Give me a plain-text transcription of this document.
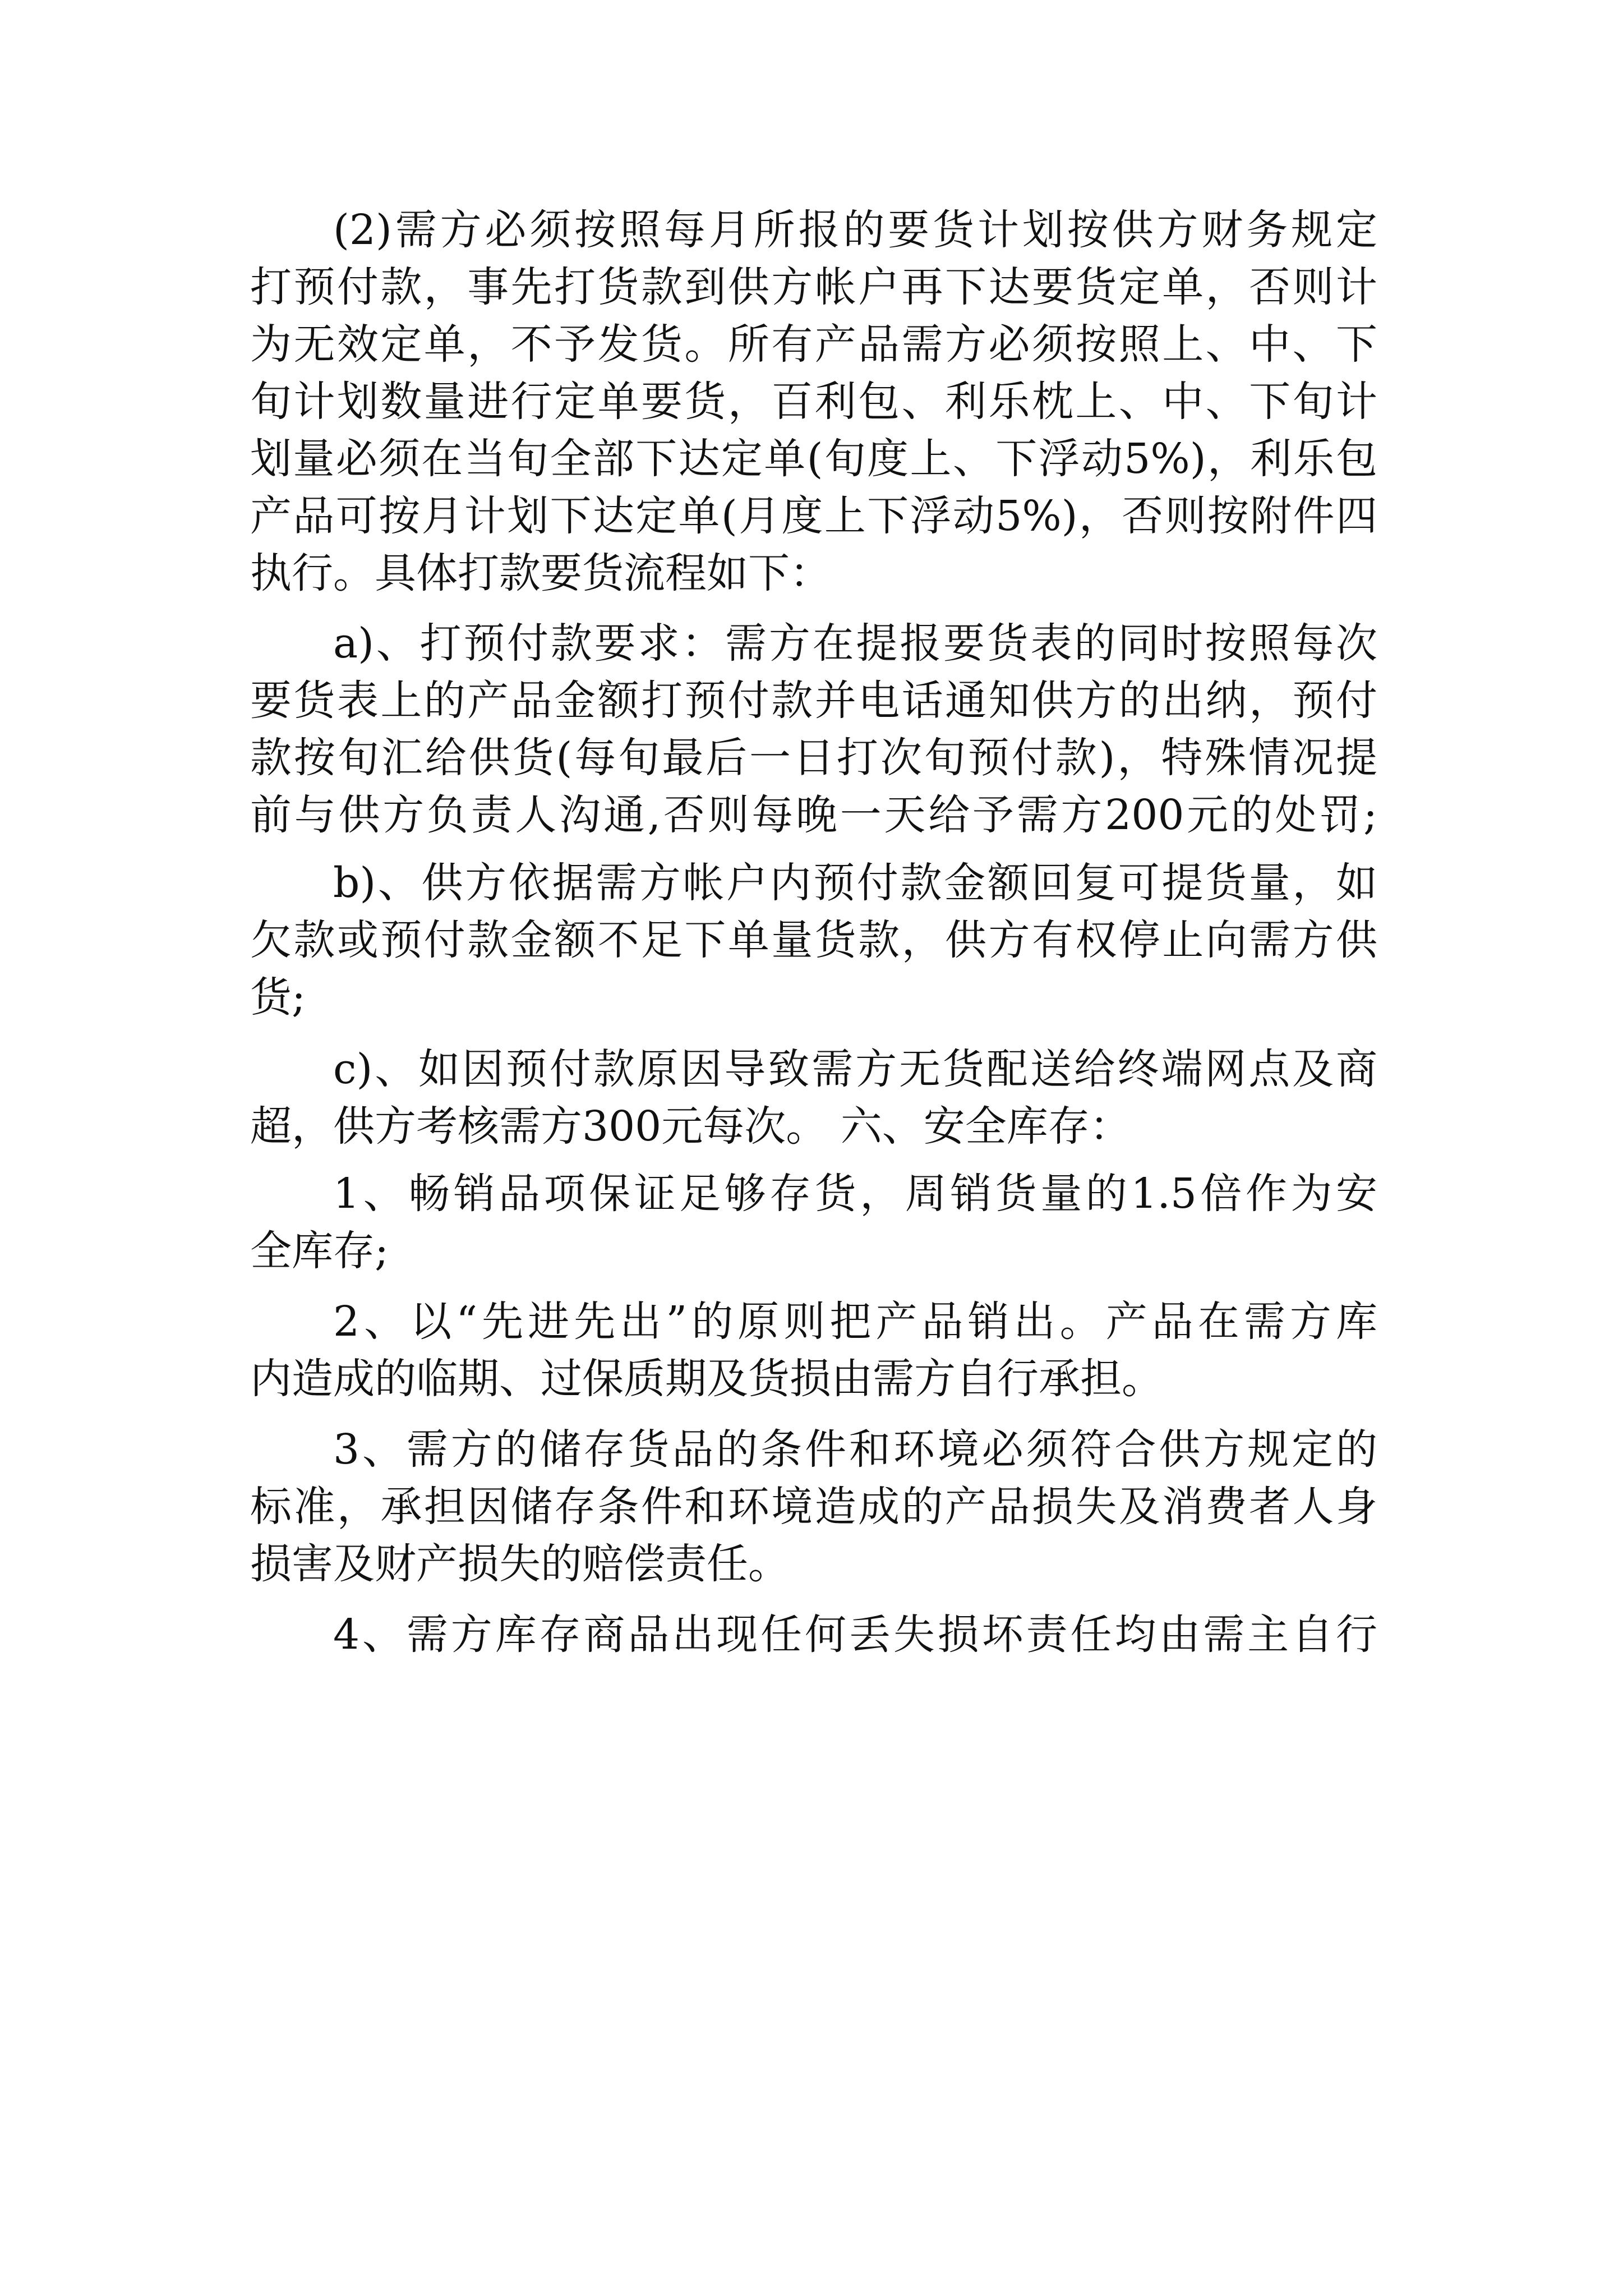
(2)需方必须按照每月所报的要货计划按供方财务规定
打预付款，事先打货款到供方帐户再下达要货定单，否则计
为无效定单，不予发货。所有产品需方必须按照上、中、下
旬计划数量进行定单要货，百利包、利乐枕上、中、下旬计
划量必须在当旬全部下达定单(旬度上、下浮动5%)，利乐包
产品可按月计划下达定单(月度上下浮动5%)，否则按附件四
执行。具体打款要货流程如下：
a)、打预付款要求：需方在提报要货表的同时按照每次
要货表上的产品金额打预付款并电话通知供方的出纳，预付
款按旬汇给供货(每旬最后一日打次旬预付款)，特殊情况提
前与供方负责人沟通,否则每晚一天给予需方200元的处罚;
b)、供方依据需方帐户内预付款金额回复可提货量，如
欠款或预付款金额不足下单量货款，供方有权停止向需方供
货;
c)、如因预付款原因导致需方无货配送给终端网点及商
超，供方考核需方300元每次。 六、安全库存：
1、畅销品项保证足够存货，周销货量的1.5倍作为安
全库存;
2、以“先进先出”的原则把产品销出。产品在需方库
内造成的临期、过保质期及货损由需方自行承担。
3、需方的储存货品的条件和环境必须符合供方规定的
标准，承担因储存条件和环境造成的产品损失及消费者人身
损害及财产损失的赔偿责任。
4、需方库存商品出现任何丢失损坏责任均由需主自行
